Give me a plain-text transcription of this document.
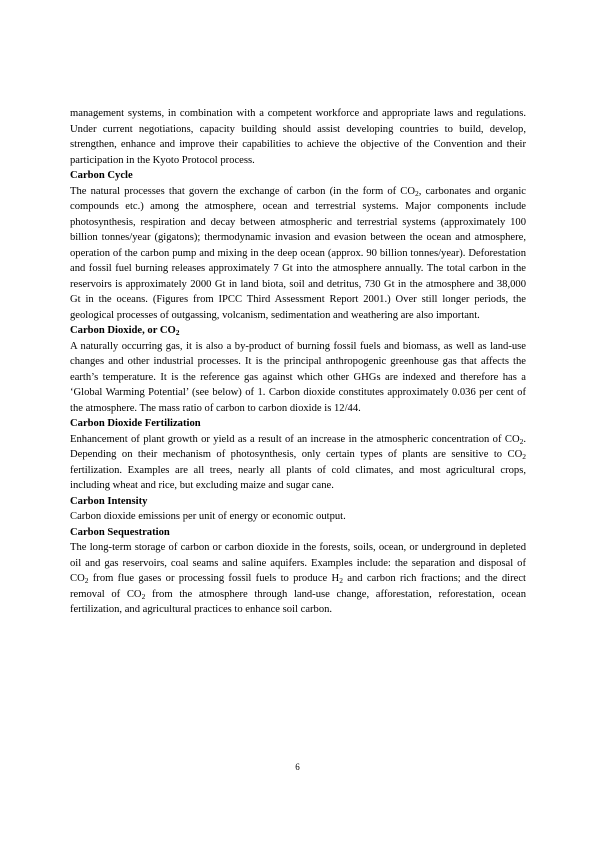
management systems, in combination with a competent workforce and appropriate laws and regulations. Under current negotiations, capacity building should assist developing countries to build, develop, strengthen, enhance and improve their capabilities to achieve the objective of the Convention and their participation in the Kyoto Protocol process.

Carbon Cycle

The natural processes that govern the exchange of carbon (in the form of $CO_2$, carbonates and organic compounds etc.) among the atmosphere, ocean and terrestrial systems. Major components include photosynthesis, respiration and decay between atmospheric and terrestrial systems (approximately 100 billion tonnes/year (gigatons); thermodynamic invasion and evasion between the ocean and atmosphere, operation of the carbon pump and mixing in the deep ocean (approx. 90 billion tonnes/year). Deforestation and fossil fuel burning releases approximately 7 Gt into the atmosphere annually. The total carbon in the reservoirs is approximately 2000 Gt in land biota, soil and detritus, 730 Gt in the atmosphere and 38,000 Gt in the oceans. (Figures from IPCC Third Assessment Report 2001.) Over still longer periods, the geological processes of outgassing, volcanism, sedimentation and weathering are also important.

Carbon Dioxide, or $CO_2$

A naturally occurring gas, it is also a by-product of burning fossil fuels and biomass, as well as land-use changes and other industrial processes. It is the principal anthropogenic greenhouse gas that affects the earth’s temperature. It is the reference gas against which other GHGs are indexed and therefore has a ‘Global Warming Potential’ (see below) of 1. Carbon dioxide constitutes approximately 0.036 per cent of the atmosphere. The mass ratio of carbon to carbon dioxide is 12/44.

Carbon Dioxide Fertilization

Enhancement of plant growth or yield as a result of an increase in the atmospheric concentration of $CO_2$. Depending on their mechanism of photosynthesis, only certain types of plants are sensitive to $CO_2$ fertilization. Examples are all trees, nearly all plants of cold climates, and most agricultural crops, including wheat and rice, but excluding maize and sugar cane.

Carbon Intensity

Carbon dioxide emissions per unit of energy or economic output.

Carbon Sequestration

The long-term storage of carbon or carbon dioxide in the forests, soils, ocean, or underground in depleted oil and gas reservoirs, coal seams and saline aquifers. Examples include: the separation and disposal of $CO_2$ from flue gases or processing fossil fuels to produce $H_2$ and carbon rich fractions; and the direct removal of $CO_2$ from the atmosphere through land-use change, afforestation, reforestation, ocean fertilization, and agricultural practices to enhance soil carbon.

6
